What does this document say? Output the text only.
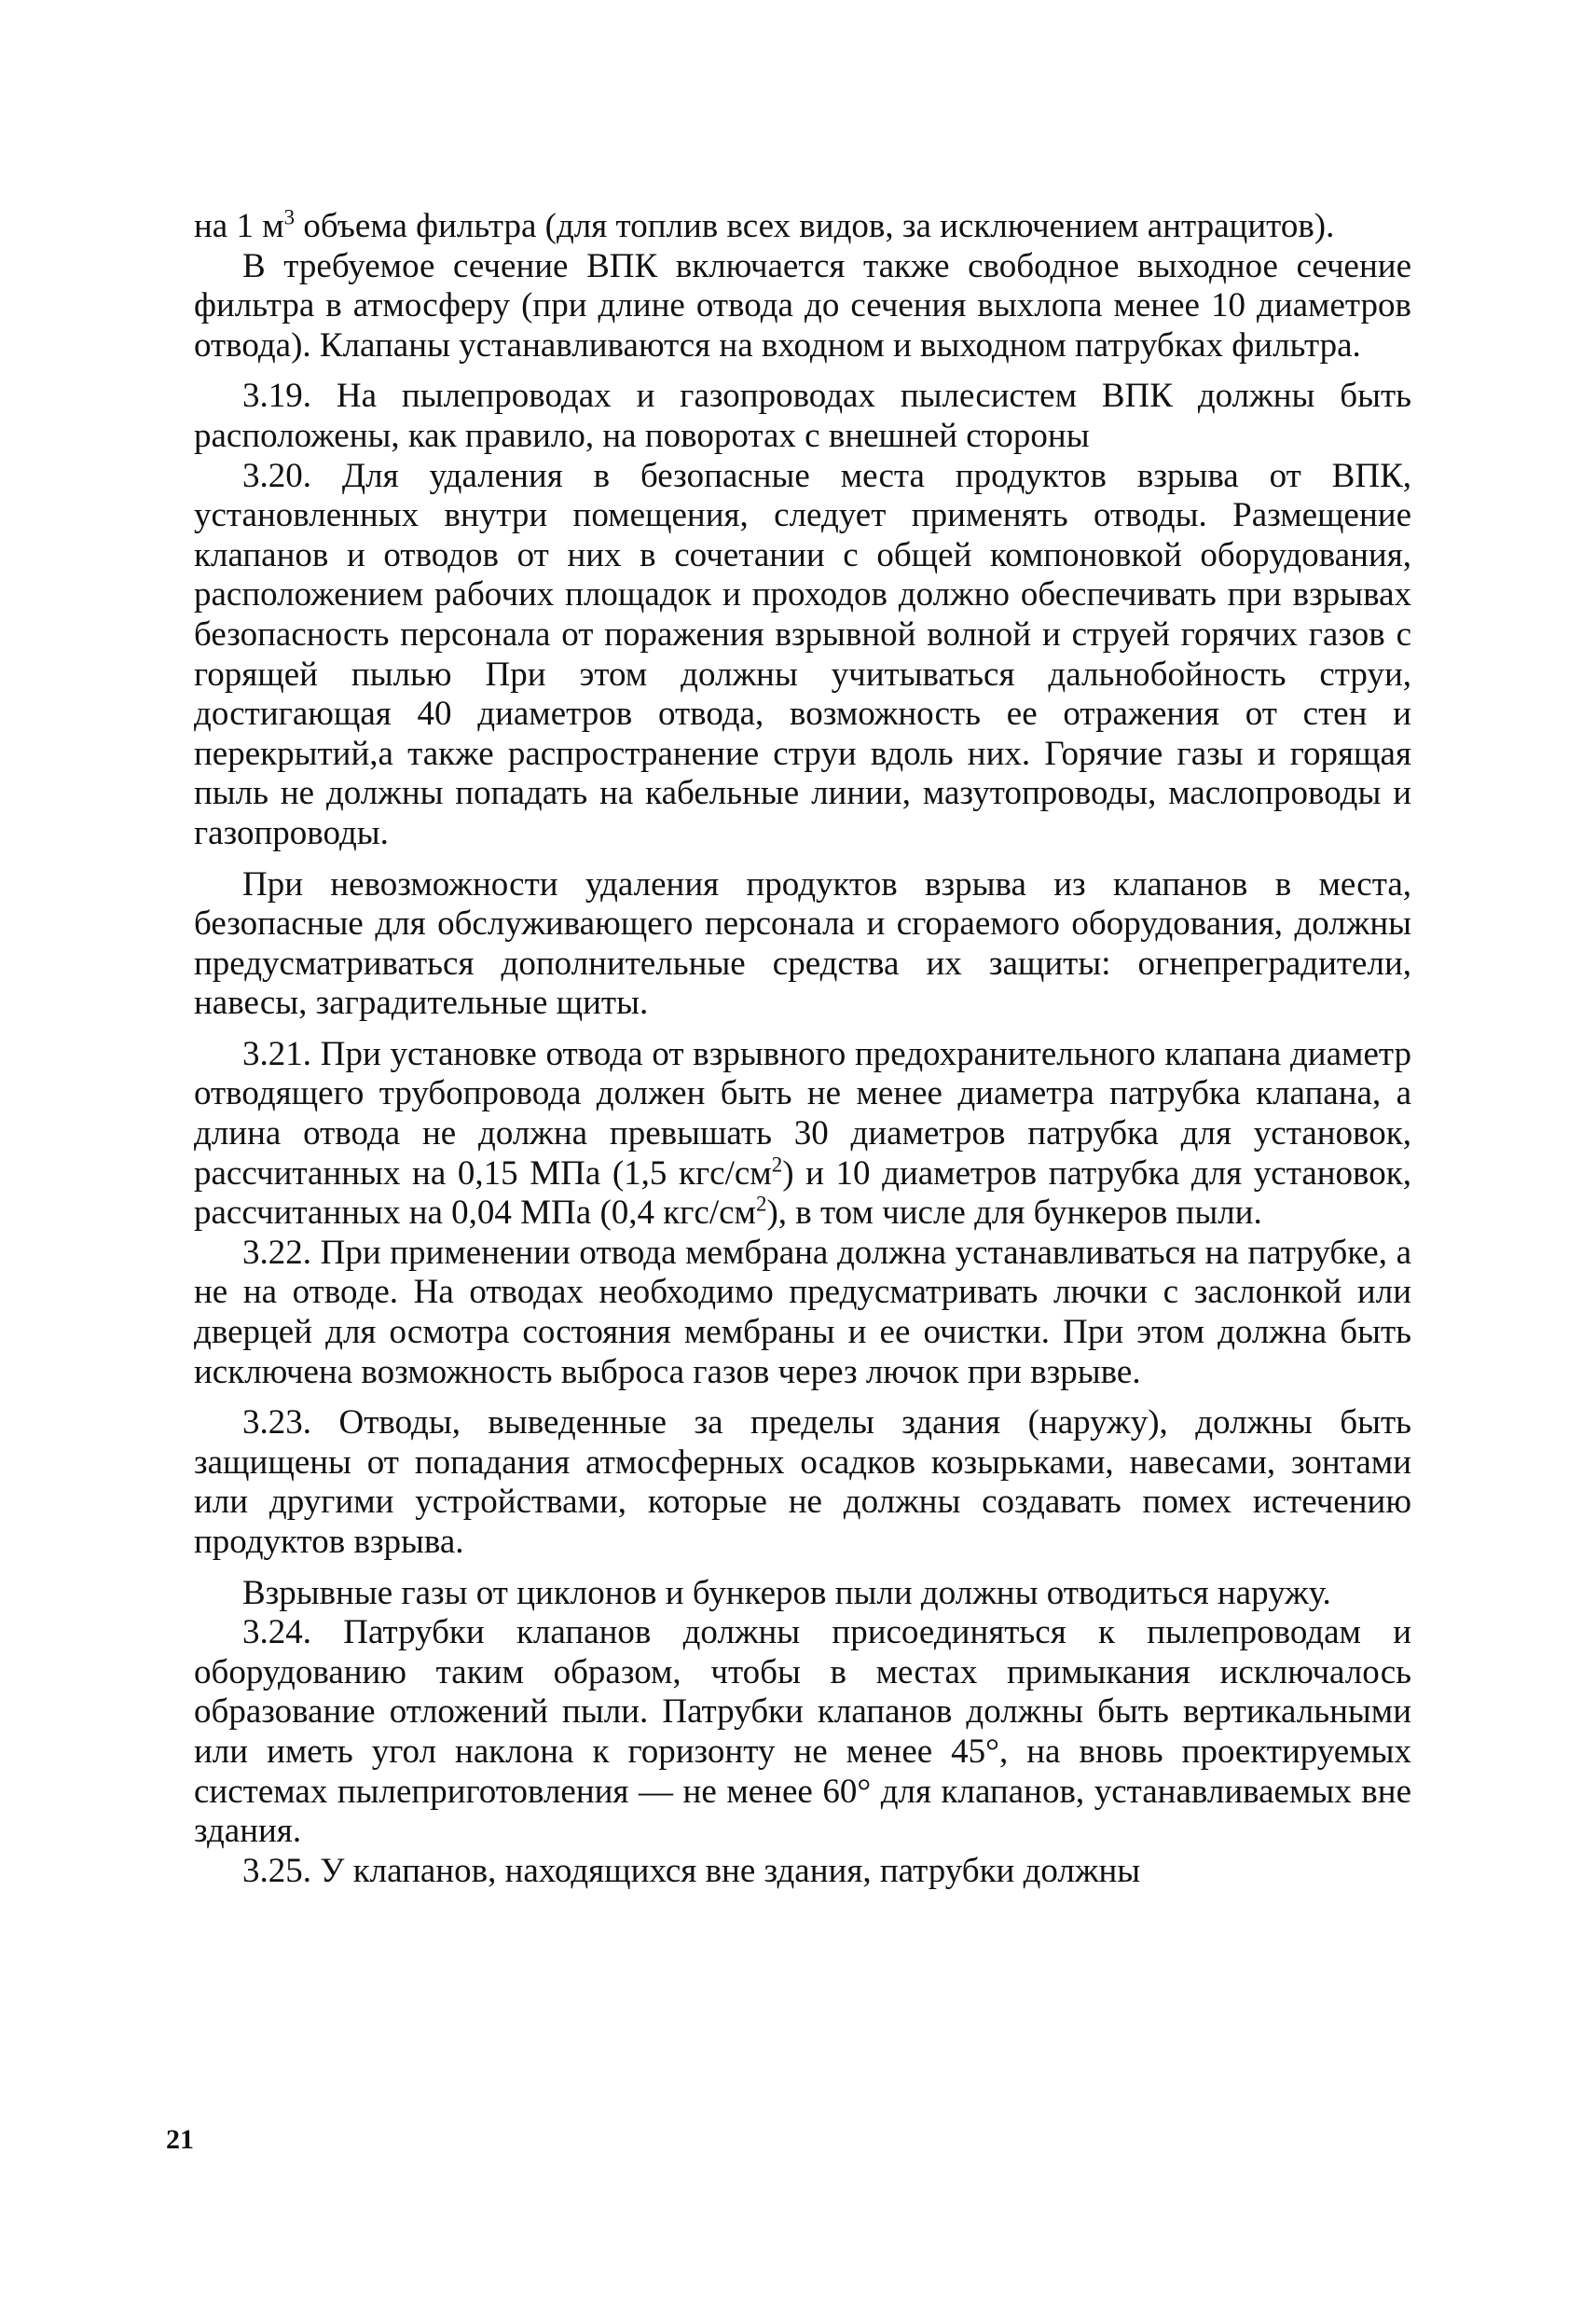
на 1 $м^3$ объема фильтра (для топлив всех видов, за исключением антрацитов).

В требуемое сечение ВПК включается также свободное выходное сечение фильтра в атмосферу (при длине отвода до сечения выхлопа менее 10 диаметров отвода). Клапаны устанавливаются на входном и выходном патрубках фильтра.

3.19. На пылепроводах и газопроводах пылесистем ВПК должны быть расположены, как правило, на поворотах с внешней стороны

3.20. Для удаления в безопасные места продуктов взрыва от ВПК, установленных внутри помещения, следует применять отводы. Размещение клапанов и отводов от них в сочетании с общей компоновкой оборудования, расположением рабочих площадок и проходов должно обеспечивать при взрывах безопасность персонала от поражения взрывной волной и струей горячих газов с горящей пылью При этом должны учитываться дальнобойность струи, достигающая 40 диаметров отвода, возможность ее отражения от стен и перекрытий,а также распространение струи вдоль них. Горячие газы и горящая пыль не должны попадать на кабельные линии, мазутопроводы, маслопроводы и газопроводы.

При невозможности удаления продуктов взрыва из клапанов в места, безопасные для обслуживающего персонала и сгораемого оборудования, должны предусматриваться дополнительные средства их защиты: огнепреградители, навесы, заградительные щиты.

3.21. При установке отвода от взрывного предохранительного клапана диаметр отводящего трубопровода должен быть не менее диаметра патрубка клапана, а длина отвода не должна превышать 30 диаметров патрубка для установок, рассчитанных на 0,15 МПа (1,5 кгс/$см^2$) и 10 диаметров патрубка для установок, рассчитанных на 0,04 МПа (0,4 кгс/$см^2$), в том числе для бункеров пыли.

3.22. При применении отвода мембрана должна устанавливаться на патрубке, а не на отводе. На отводах необходимо предусматривать лючки с заслонкой или дверцей для осмотра состояния мембраны и ее очистки. При этом должна быть исключена возможность выброса газов через лючок при взрыве.

3.23. Отводы, выведенные за пределы здания (наружу), должны быть защищены от попадания атмосферных осадков козырьками, навесами, зонтами или другими устройствами, которые не должны создавать помех истечению продуктов взрыва.

Взрывные газы от циклонов и бункеров пыли должны отводиться наружу.

3.24. Патрубки клапанов должны присоединяться к пылепроводам и оборудованию таким образом, чтобы в местах примыкания исключалось образование отложений пыли. Патрубки клапанов должны быть вертикальными или иметь угол наклона к горизонту не менее 45°, на вновь проектируемых системах пылеприготовления — не менее 60° для клапанов, устанавливаемых вне здания.

3.25. У клапанов, находящихся вне здания, патрубки должны

21
